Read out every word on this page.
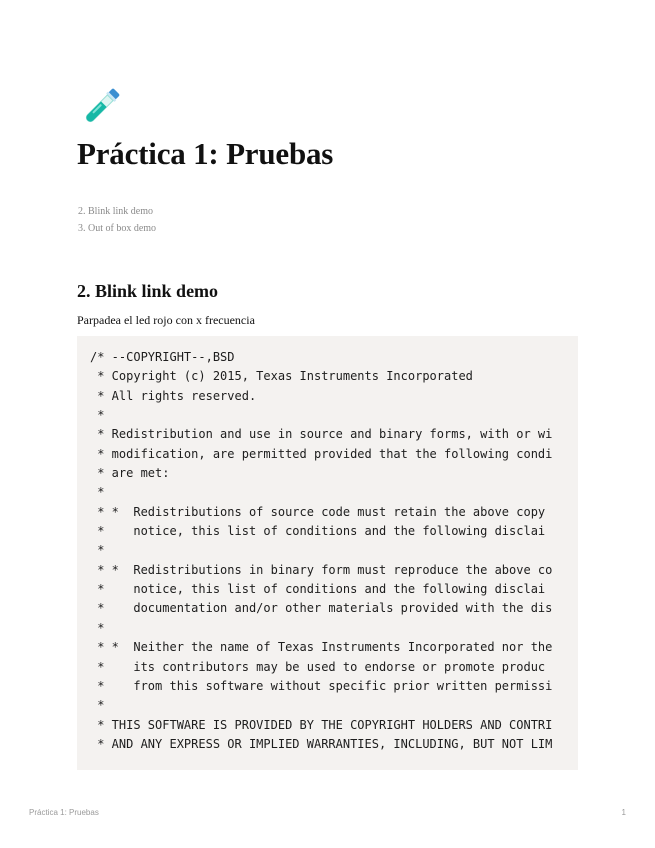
Práctica 1: Pruebas
2. Blink link demo
3. Out of box demo
2. Blink link demo

Parpadea el led rojo con x frecuencia

/* --COPYRIGHT--,BSD
* Copyright (c) 2015, Texas Instruments Incorporated
* All rights reserved.
*
* Redistribution and use in source and binary forms, with or wi
* modification, are permitted provided that the following condi
* are met:
*
* *  Redistributions of source code must retain the above copy
*    notice, this list of conditions and the following disclai
*
* *  Redistributions in binary form must reproduce the above co
*    notice, this list of conditions and the following disclai
*    documentation and/or other materials provided with the dis
*
* *  Neither the name of Texas Instruments Incorporated nor the
*    its contributors may be used to endorse or promote produc
*    from this software without specific prior written permissi
*
* THIS SOFTWARE IS PROVIDED BY THE COPYRIGHT HOLDERS AND CONTRI
* AND ANY EXPRESS OR IMPLIED WARRANTIES, INCLUDING, BUT NOT LIM
Práctica 1: Pruebas	1
